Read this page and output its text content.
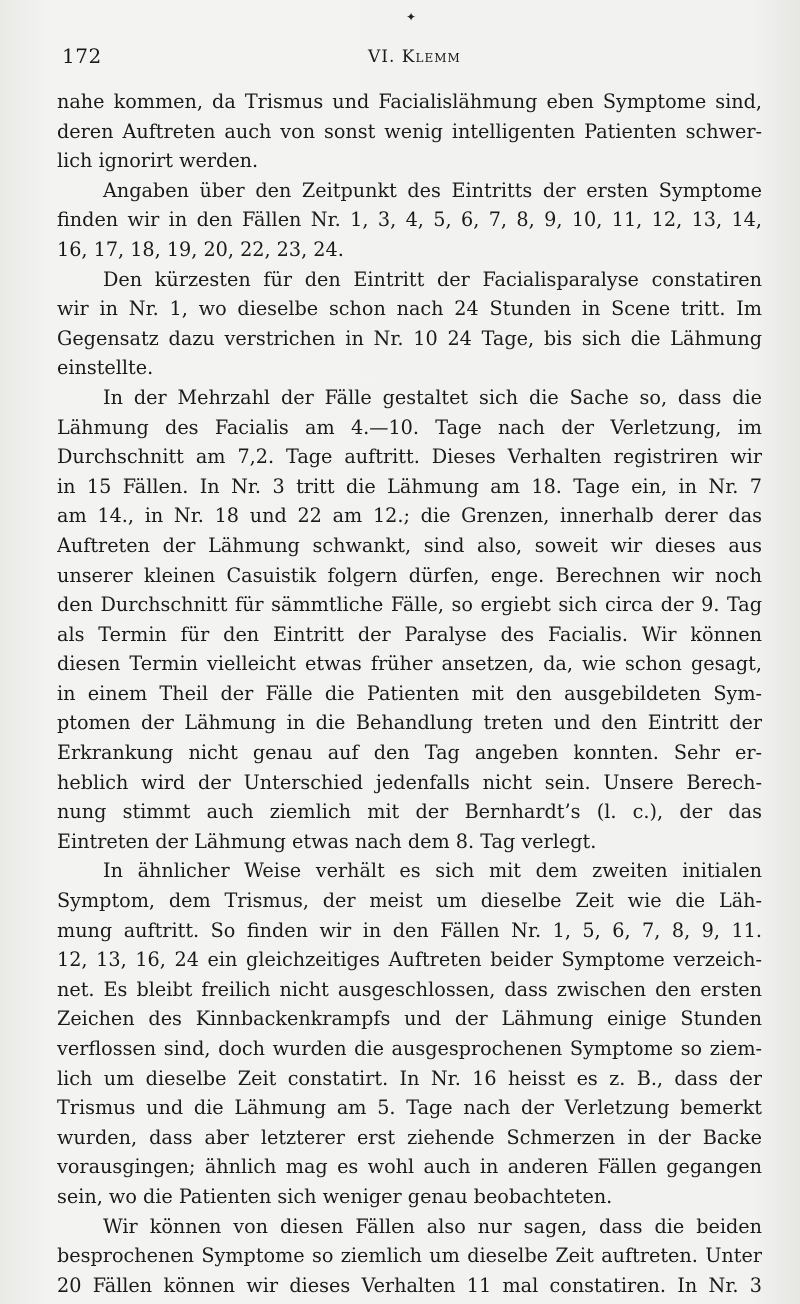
✦
172	VI. Klemm
nahe kommen, da Trismus und Facialislähmung eben Symptome sind,
deren Auftreten auch von sonst wenig intelligenten Patienten schwer-
lich ignorirt werden.
Angaben über den Zeitpunkt des Eintritts der ersten Symptome
finden wir in den Fällen Nr. 1, 3, 4, 5, 6, 7, 8, 9, 10, 11, 12, 13, 14,
16, 17, 18, 19, 20, 22, 23, 24.
Den kürzesten für den Eintritt der Facialisparalyse constatiren
wir in Nr. 1, wo dieselbe schon nach 24 Stunden in Scene tritt. Im
Gegensatz dazu verstrichen in Nr. 10 24 Tage, bis sich die Lähmung
einstellte.
In der Mehrzahl der Fälle gestaltet sich die Sache so, dass die
Lähmung des Facialis am 4.—10. Tage nach der Verletzung, im
Durchschnitt am 7,2. Tage auftritt. Dieses Verhalten registriren wir
in 15 Fällen. In Nr. 3 tritt die Lähmung am 18. Tage ein, in Nr. 7
am 14., in Nr. 18 und 22 am 12.; die Grenzen, innerhalb derer das
Auftreten der Lähmung schwankt, sind also, soweit wir dieses aus
unserer kleinen Casuistik folgern dürfen, enge. Berechnen wir noch
den Durchschnitt für sämmtliche Fälle, so ergiebt sich circa der 9. Tag
als Termin für den Eintritt der Paralyse des Facialis. Wir können
diesen Termin vielleicht etwas früher ansetzen, da, wie schon gesagt,
in einem Theil der Fälle die Patienten mit den ausgebildeten Sym-
ptomen der Lähmung in die Behandlung treten und den Eintritt der
Erkrankung nicht genau auf den Tag angeben konnten. Sehr er-
heblich wird der Unterschied jedenfalls nicht sein. Unsere Berech-
nung stimmt auch ziemlich mit der Bernhardt’s (l. c.), der das
Eintreten der Lähmung etwas nach dem 8. Tag verlegt.
In ähnlicher Weise verhält es sich mit dem zweiten initialen
Symptom, dem Trismus, der meist um dieselbe Zeit wie die Läh-
mung auftritt. So finden wir in den Fällen Nr. 1, 5, 6, 7, 8, 9, 11.
12, 13, 16, 24 ein gleichzeitiges Auftreten beider Symptome verzeich-
net. Es bleibt freilich nicht ausgeschlossen, dass zwischen den ersten
Zeichen des Kinnbackenkrampfs und der Lähmung einige Stunden
verflossen sind, doch wurden die ausgesprochenen Symptome so ziem-
lich um dieselbe Zeit constatirt. In Nr. 16 heisst es z. B., dass der
Trismus und die Lähmung am 5. Tage nach der Verletzung bemerkt
wurden, dass aber letzterer erst ziehende Schmerzen in der Backe
vorausgingen; ähnlich mag es wohl auch in anderen Fällen gegangen
sein, wo die Patienten sich weniger genau beobachteten.
Wir können von diesen Fällen also nur sagen, dass die beiden
besprochenen Symptome so ziemlich um dieselbe Zeit auftreten. Unter
20 Fällen können wir dieses Verhalten 11 mal constatiren. In Nr. 3
